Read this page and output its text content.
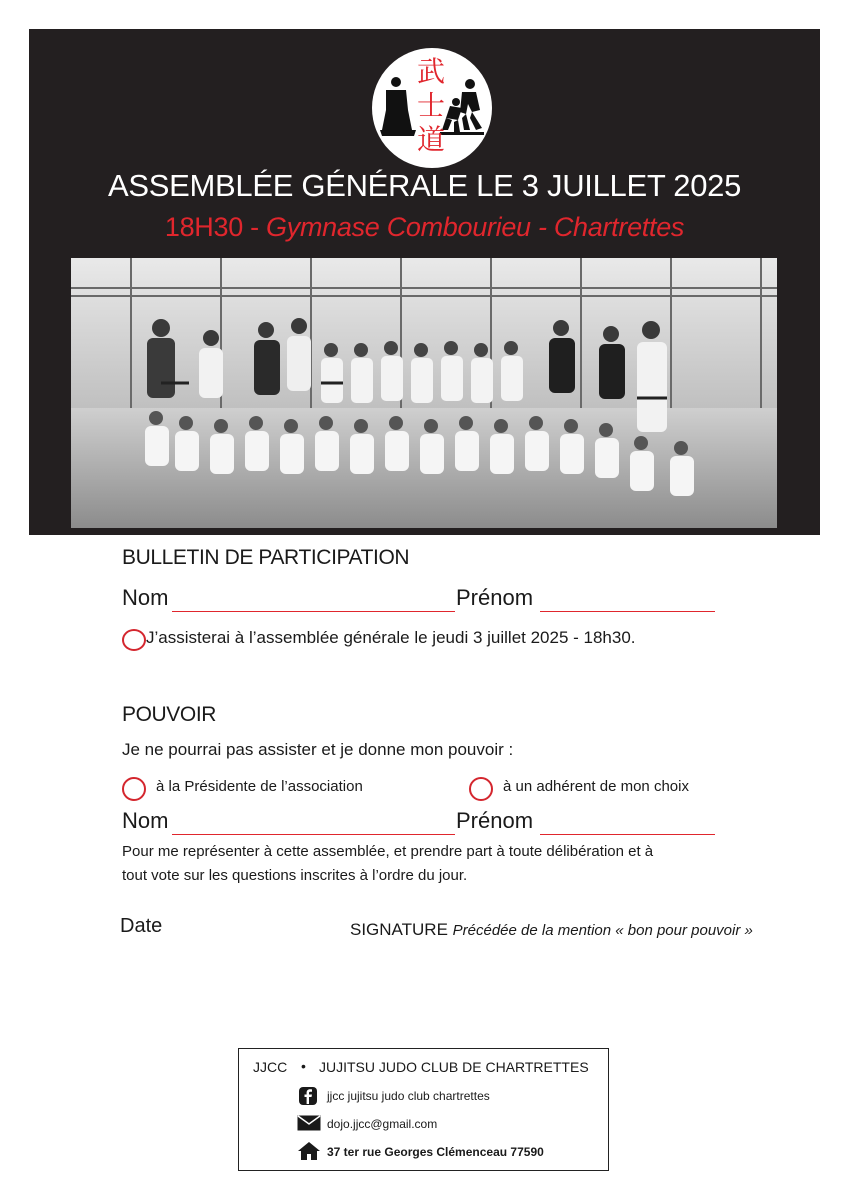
武
士
道
ASSEMBLÉE GÉNÉRALE LE 3 JUILLET 2025
18H30 - Gymnase Combourieu - Chartrettes
BULLETIN DE PARTICIPATION
Nom	Prénom
J’assisterai à l’assemblée générale le jeudi 3 juillet 2025 - 18h30.
POUVOIR
Je ne pourrai pas assister et je donne mon pouvoir :
à la Présidente de l’association	à un adhérent de mon choix
Nom	Prénom
Pour me représenter à cette assemblée, et prendre part à toute délibération et à
tout vote sur les questions inscrites à l’ordre du jour.
Date	SIGNATURE Précédée de la mention « bon pour pouvoir »
JJCC • JUJITSU JUDO CLUB DE CHARTRETTES
jjcc jujitsu judo club chartrettes
dojo.jjcc@gmail.com
37 ter rue Georges Clémenceau 77590
